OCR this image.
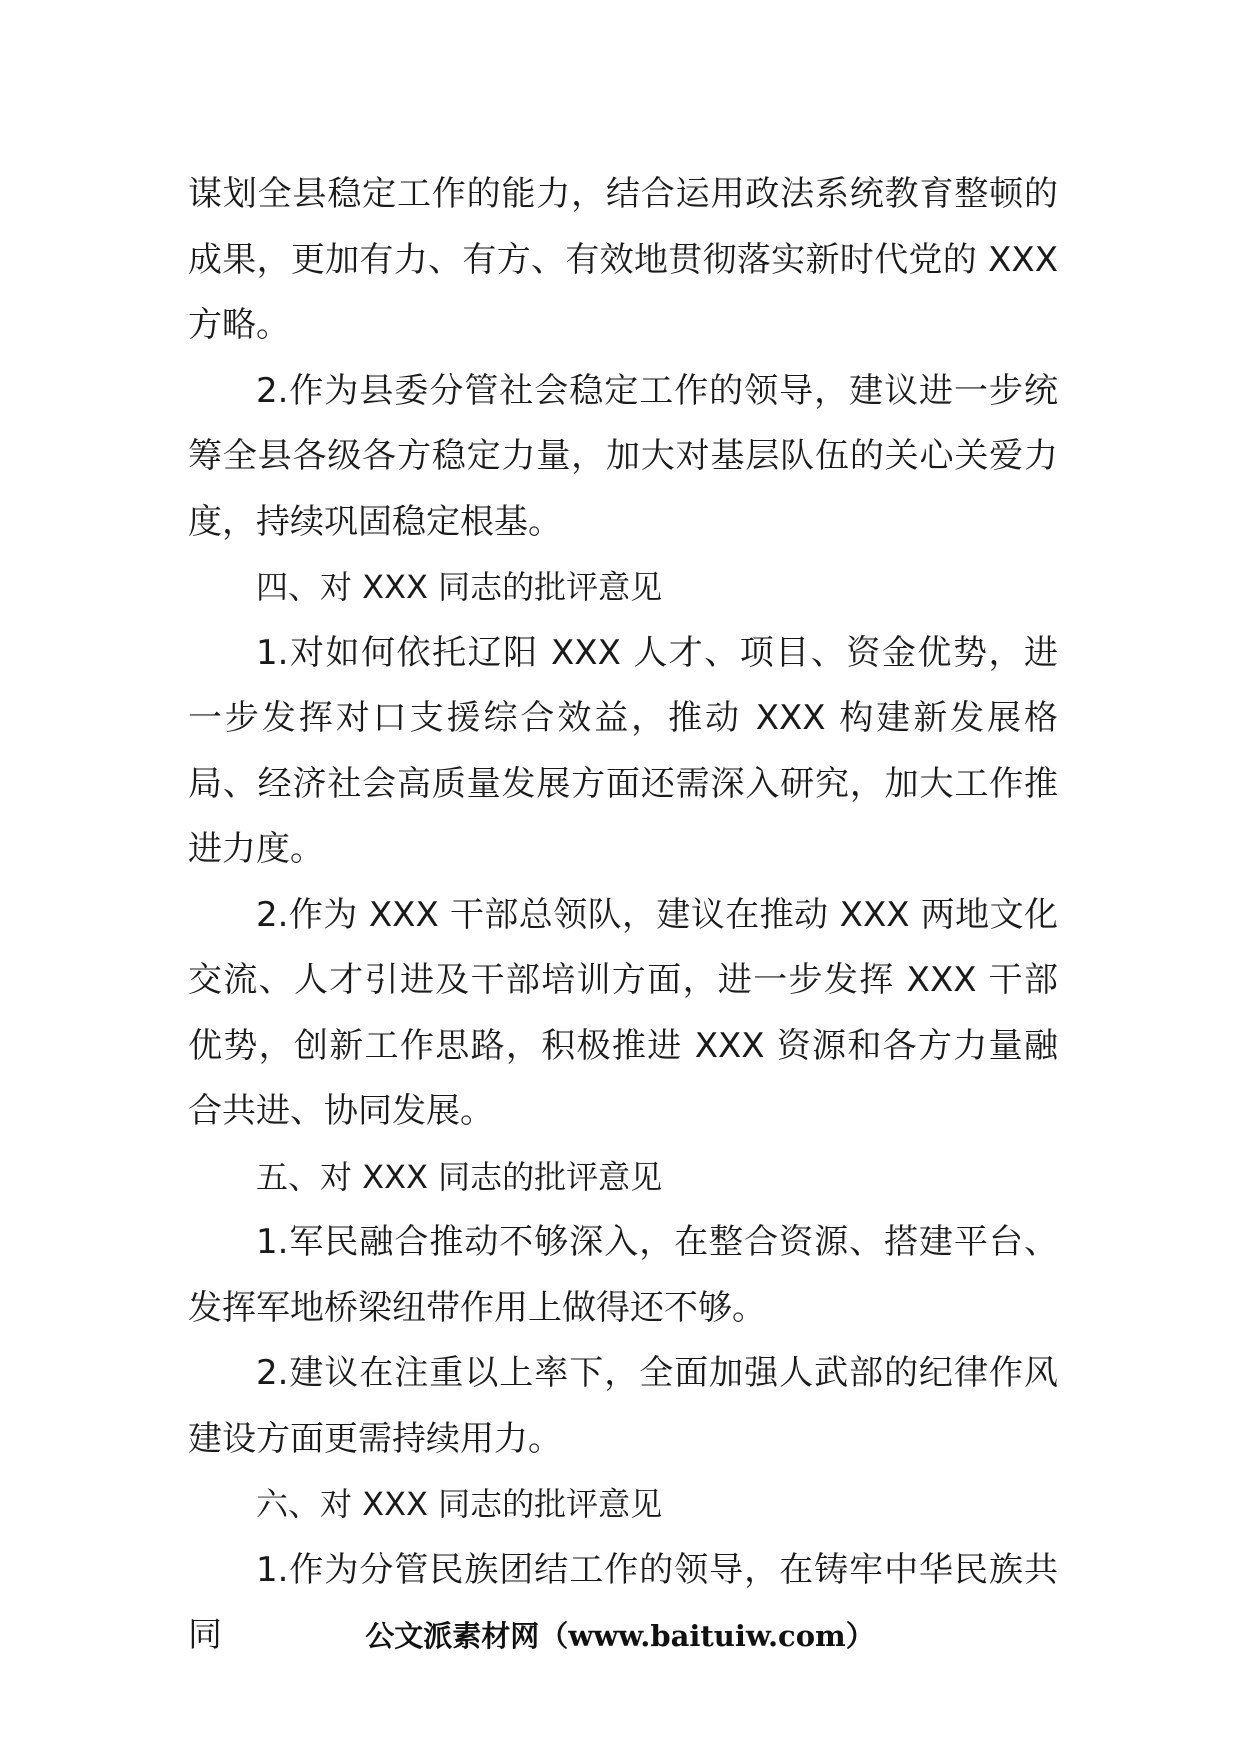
谋划全县稳定工作的能力，结合运用政法系统教育整顿的成果，更加有力、有方、有效地贯彻落实新时代党的 XXX 方略。

2.作为县委分管社会稳定工作的领导，建议进一步统筹全县各级各方稳定力量，加大对基层队伍的关心关爱力度，持续巩固稳定根基。

四、对 XXX 同志的批评意见

1.对如何依托辽阳 XXX 人才、项目、资金优势，进一步发挥对口支援综合效益，推动 XXX 构建新发展格局、经济社会高质量发展方面还需深入研究，加大工作推进力度。

2.作为 XXX 干部总领队，建议在推动 XXX 两地文化交流、人才引进及干部培训方面，进一步发挥 XXX 干部优势，创新工作思路，积极推进 XXX 资源和各方力量融合共进、协同发展。

五、对 XXX 同志的批评意见

1.军民融合推动不够深入，在整合资源、搭建平台、发挥军地桥梁纽带作用上做得还不够。

2.建议在注重以上率下，全面加强人武部的纪律作风建设方面更需持续用力。

六、对 XXX 同志的批评意见

1.作为分管民族团结工作的领导，在铸牢中华民族共同	公文派素材网（www.baituiw.com）
